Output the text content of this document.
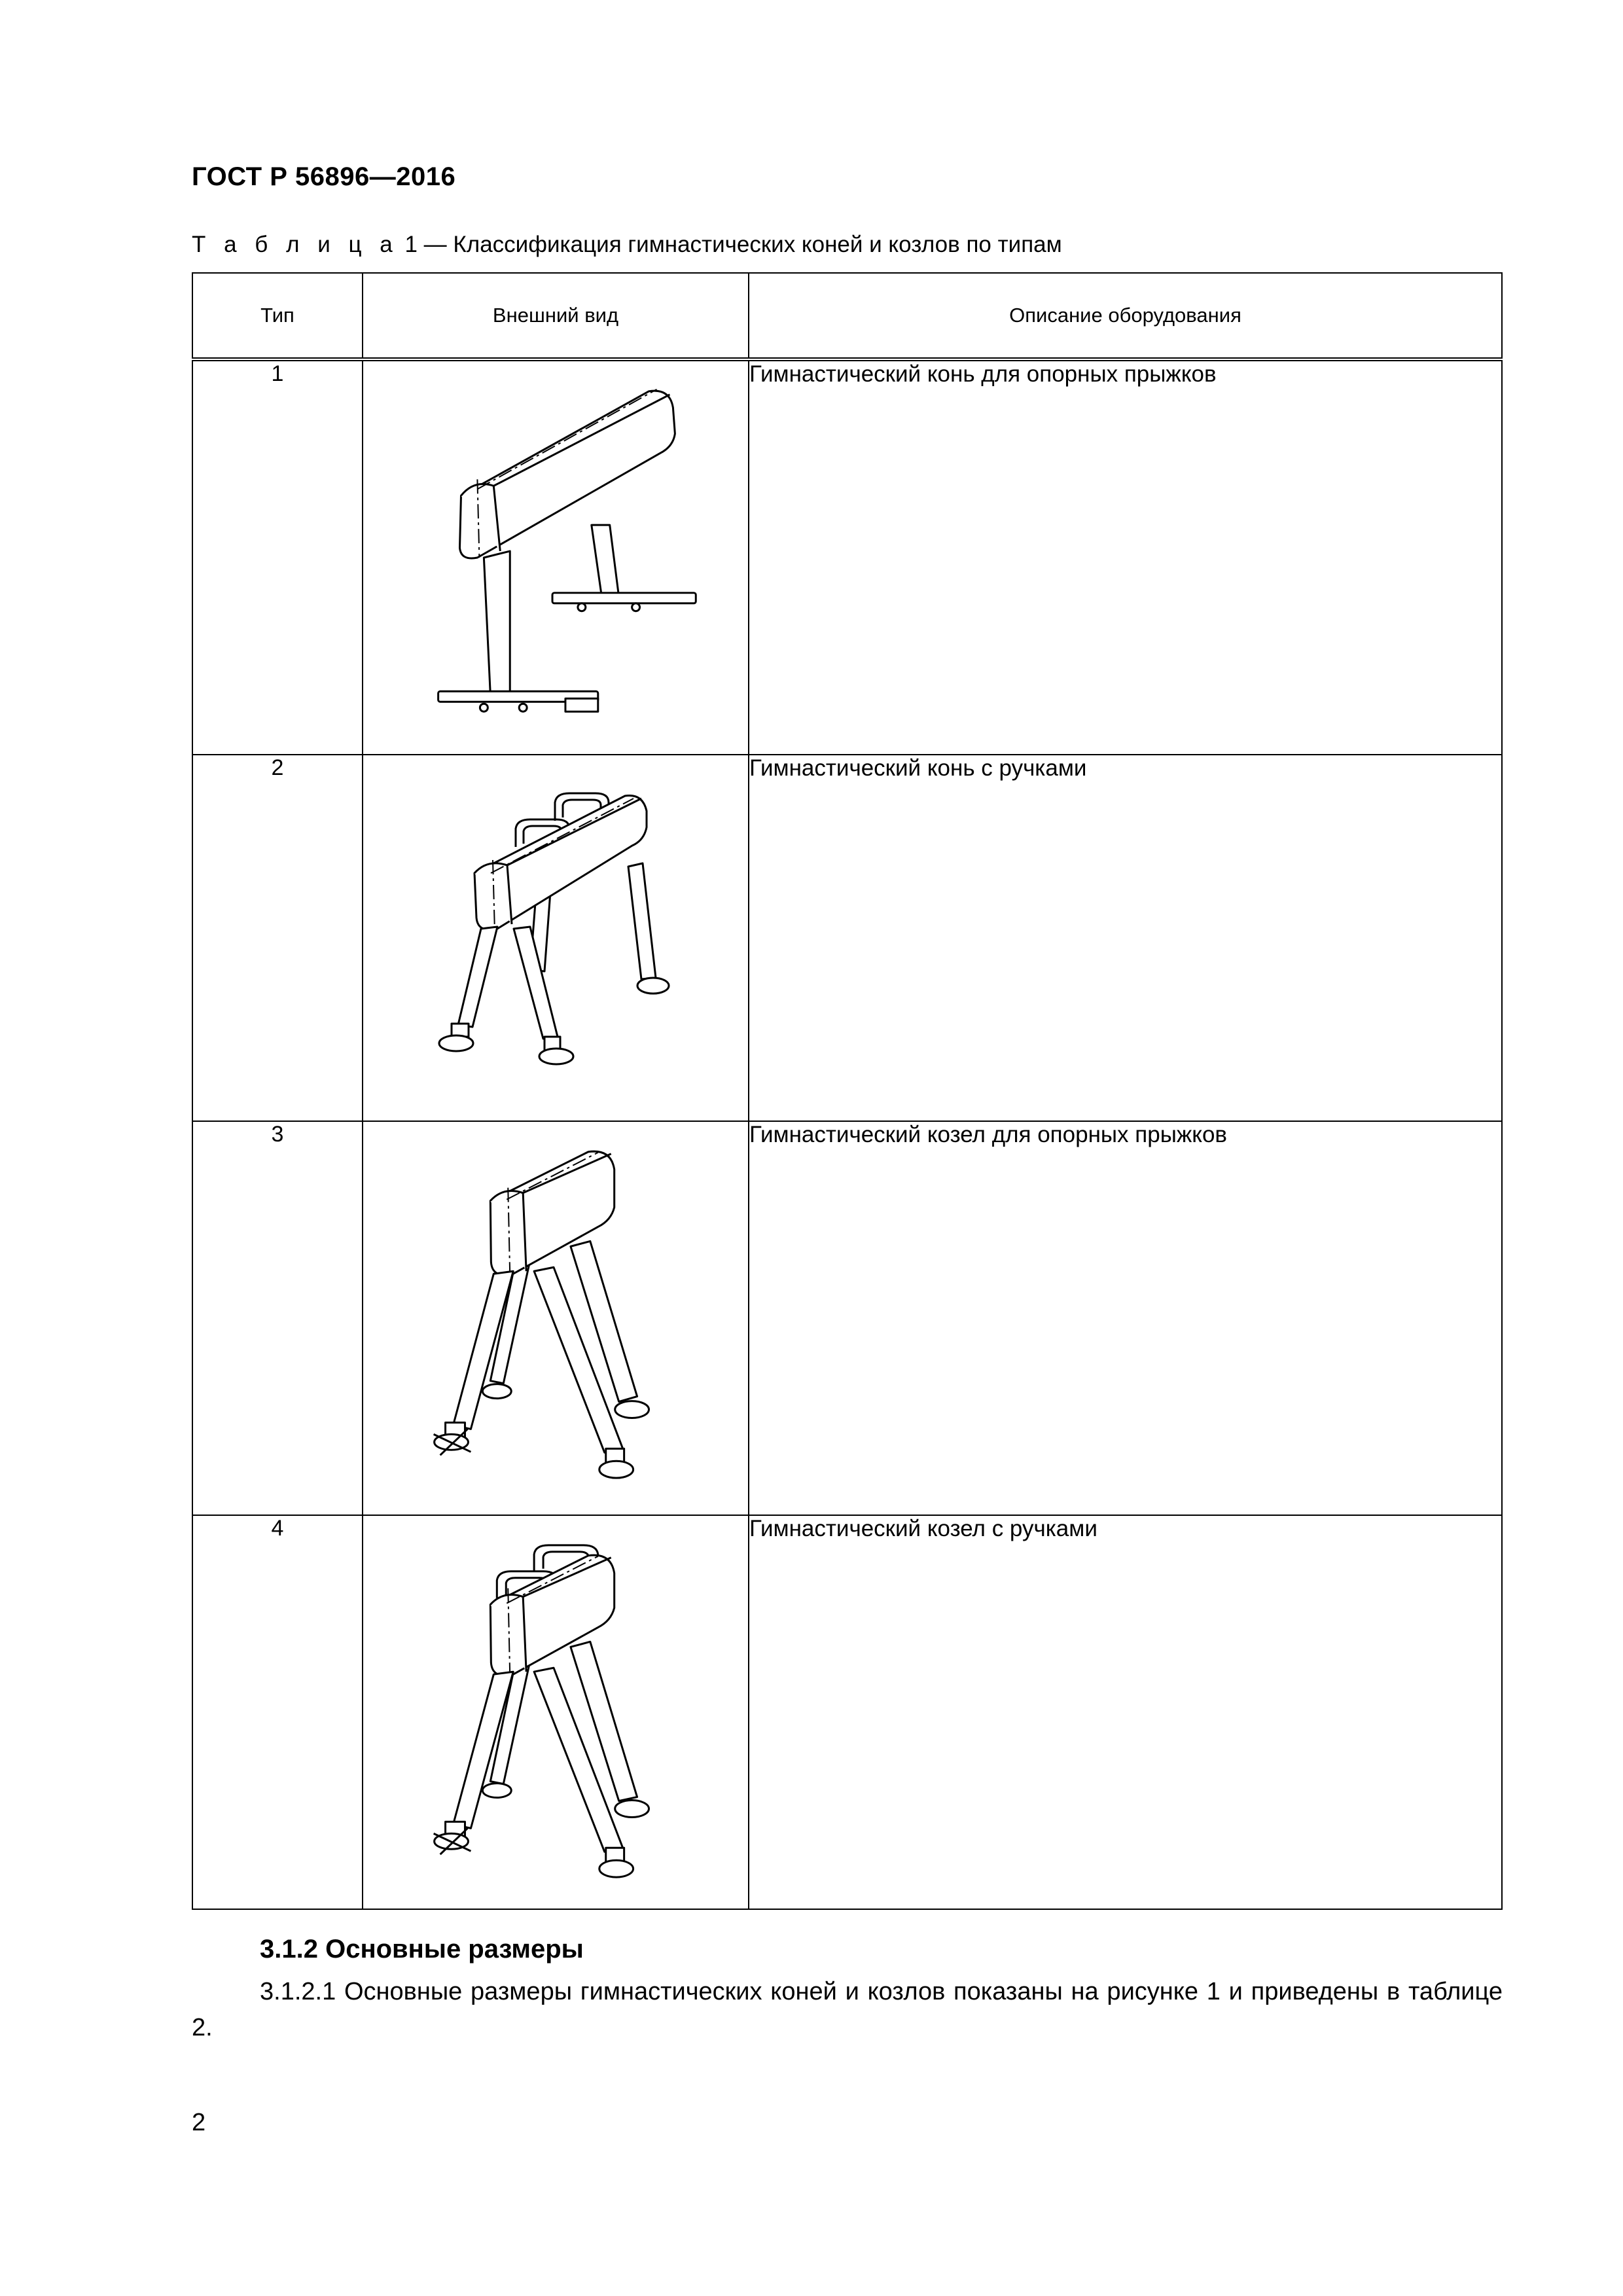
ГОСТ Р 56896—2016
Т а б л и ц а 1 — Классификация гимнастических коней и козлов по типам
Тип	Внешний вид	Описание оборудования
1		Гимнастический конь для опорных прыжков
2		Гимнастический конь с ручками
3		Гимнастический козел для опорных прыжков
4		Гимнастический козел с ручками
3.1.2 Основные размеры
3.1.2.1 Основные размеры гимнастических коней и козлов показаны на рисунке 1 и приведены в таблице 2.
2
